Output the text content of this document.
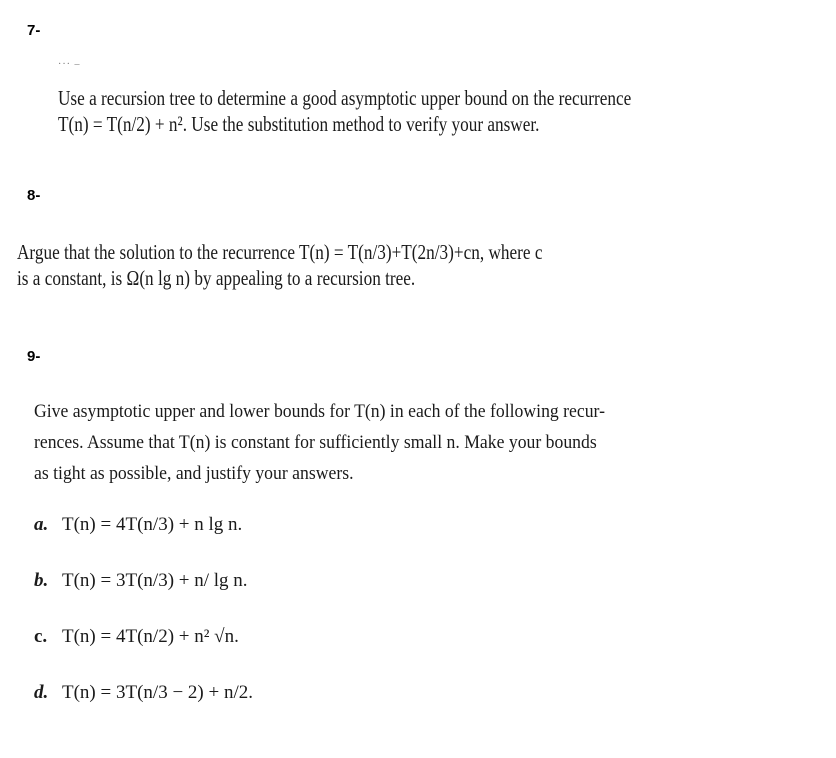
7-
··· –
Use a recursion tree to determine a good asymptotic upper bound on the recurrence
T(n) = T(n/2) + n². Use the substitution method to verify your answer.
8-
Argue that the solution to the recurrence T(n) = T(n/3)+T(2n/3)+cn, where c
is a constant, is Ω(n lg n) by appealing to a recursion tree.
9-
Give asymptotic upper and lower bounds for T(n) in each of the following recur-
rences. Assume that T(n) is constant for sufficiently small n. Make your bounds
as tight as possible, and justify your answers.
a. T(n) = 4T(n/3) + n lg n.
b. T(n) = 3T(n/3) + n/ lg n.
c. T(n) = 4T(n/2) + n² √n.
d. T(n) = 3T(n/3 − 2) + n/2.
